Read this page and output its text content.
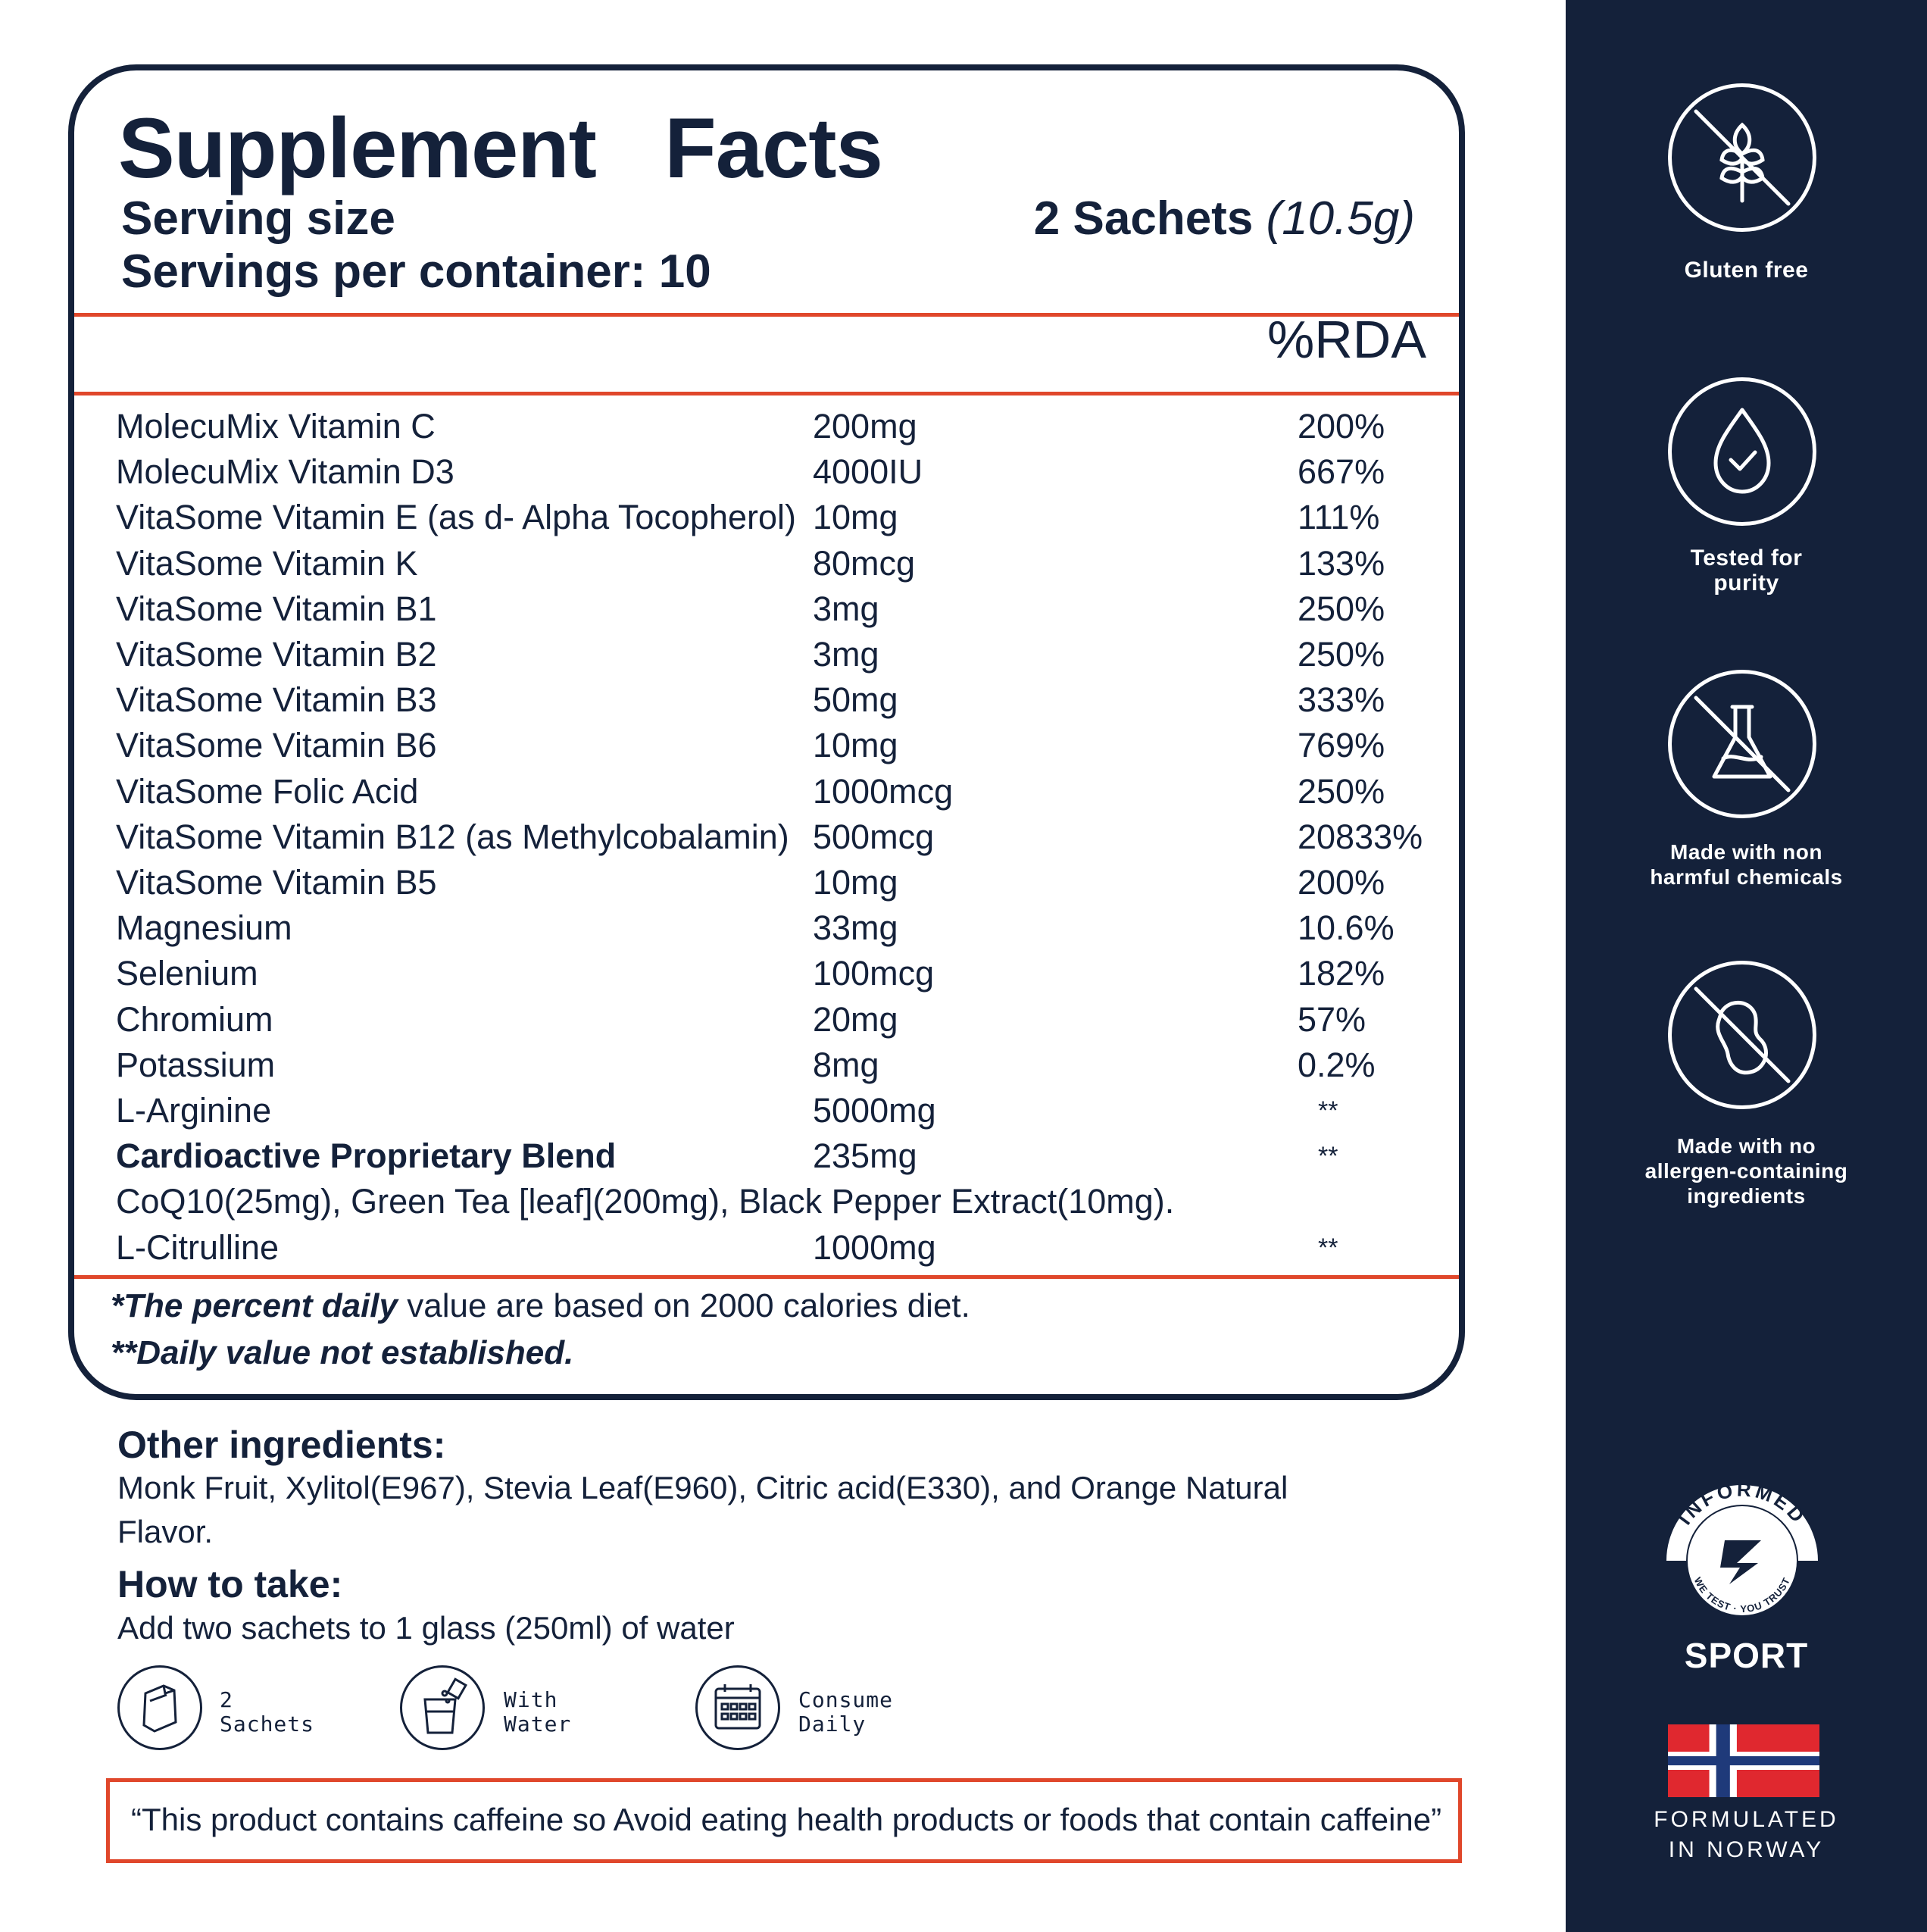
Supplement   Facts
Serving size	2 Sachets (10.5g)
Servings per container: 10
%RDA
MolecuMix Vitamin C	200mg	200%
MolecuMix Vitamin D3	4000IU	667%
VitaSome Vitamin E (as d- Alpha Tocopherol) 10mg	111%
VitaSome Vitamin K	80mcg	133%
VitaSome Vitamin B1	3mg	250%
VitaSome Vitamin B2	3mg	250%
VitaSome Vitamin B3	50mg	333%
VitaSome Vitamin B6	10mg	769%
VitaSome Folic Acid	1000mcg	250%
VitaSome Vitamin B12 (as Methylcobalamin) 500mcg	20833%
VitaSome Vitamin B5	10mg	200%
Magnesium	33mg	10.6%
Selenium	100mcg	182%
Chromium	20mg	57%
Potassium	8mg	0.2%
L-Arginine	5000mg	**
Cardioactive Proprietary Blend	235mg	**
CoQ10(25mg), Green Tea [leaf](200mg), Black Pepper Extract(10mg).
L-Citrulline	1000mg	**
*The percent daily value are based on 2000 calories diet.
**Daily value not established.
Other ingredients:
Monk Fruit, Xylitol(E967), Stevia Leaf(E960), Citric acid(E330), and Orange Natural Flavor.
How to take:
Add two sachets to 1 glass (250ml) of water
2
Sachets
With
Water
Consume
Daily
“This product contains caffeine so Avoid eating health products or foods that contain caffeine”
Gluten free
Tested for
purity
Made with non
harmful chemicals
Made with no
allergen-containing
ingredients
INFORMED
WE TEST · YOU TRUST
SPORT
FORMULATED
IN NORWAY
